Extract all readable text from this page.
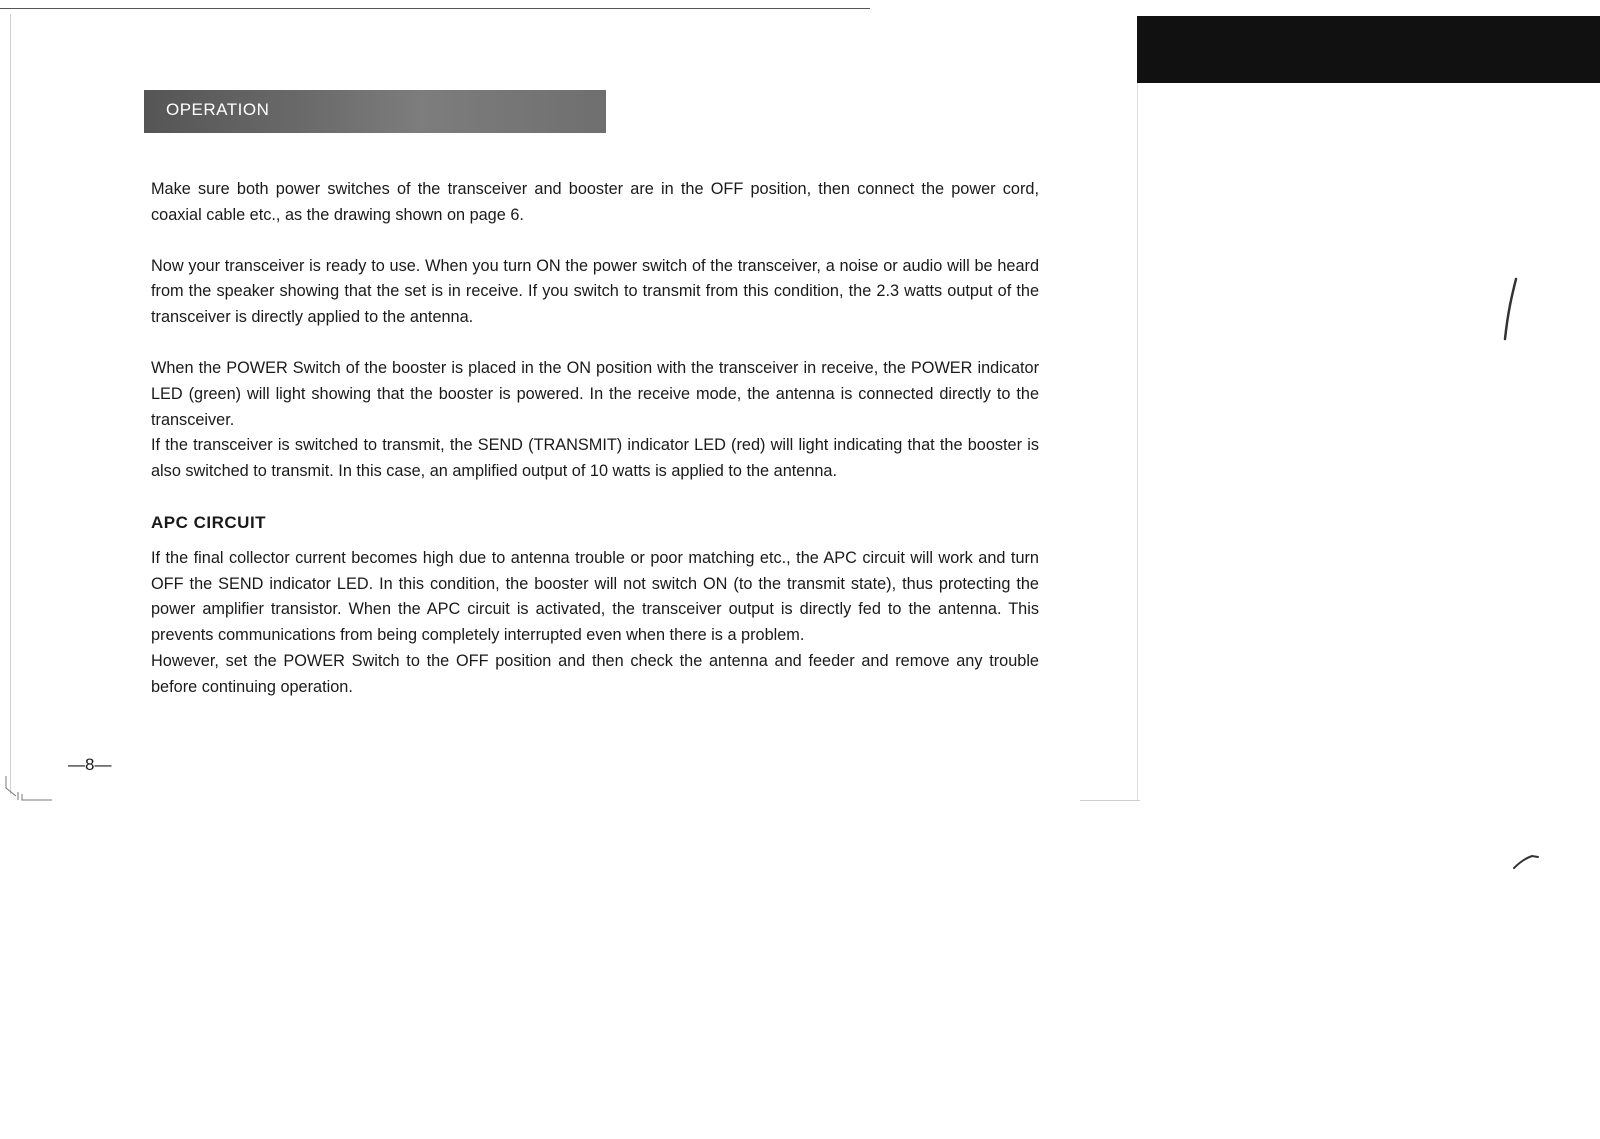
OPERATION

Make sure both power switches of the transceiver and booster are in the OFF position, then connect the power cord, coaxial cable etc., as the drawing shown on page 6.

Now your transceiver is ready to use. When you turn ON the power switch of the transceiver, a noise or audio will be heard from the speaker showing that the set is in receive. If you switch to transmit from this condition, the 2.3 watts output of the transceiver is directly applied to the antenna.

When the POWER Switch of the booster is placed in the ON position with the transceiver in receive, the POWER indicator LED (green) will light showing that the booster is powered. In the receive mode, the antenna is connected directly to the transceiver.

If the transceiver is switched to transmit, the SEND (TRANSMIT) indicator LED (red) will light indicating that the booster is also switched to transmit. In this case, an amplified output of 10 watts is applied to the antenna.

APC CIRCUIT

If the final collector current becomes high due to antenna trouble or poor matching etc., the APC circuit will work and turn OFF the SEND indicator LED. In this condition, the booster will not switch ON (to the transmit state), thus protecting the power amplifier transistor. When the APC circuit is activated, the transceiver output is directly fed to the antenna. This prevents communications from being completely interrupted even when there is a problem.

However, set the POWER Switch to the OFF position and then check the antenna and feeder and remove any trouble before continuing operation.

—8—
